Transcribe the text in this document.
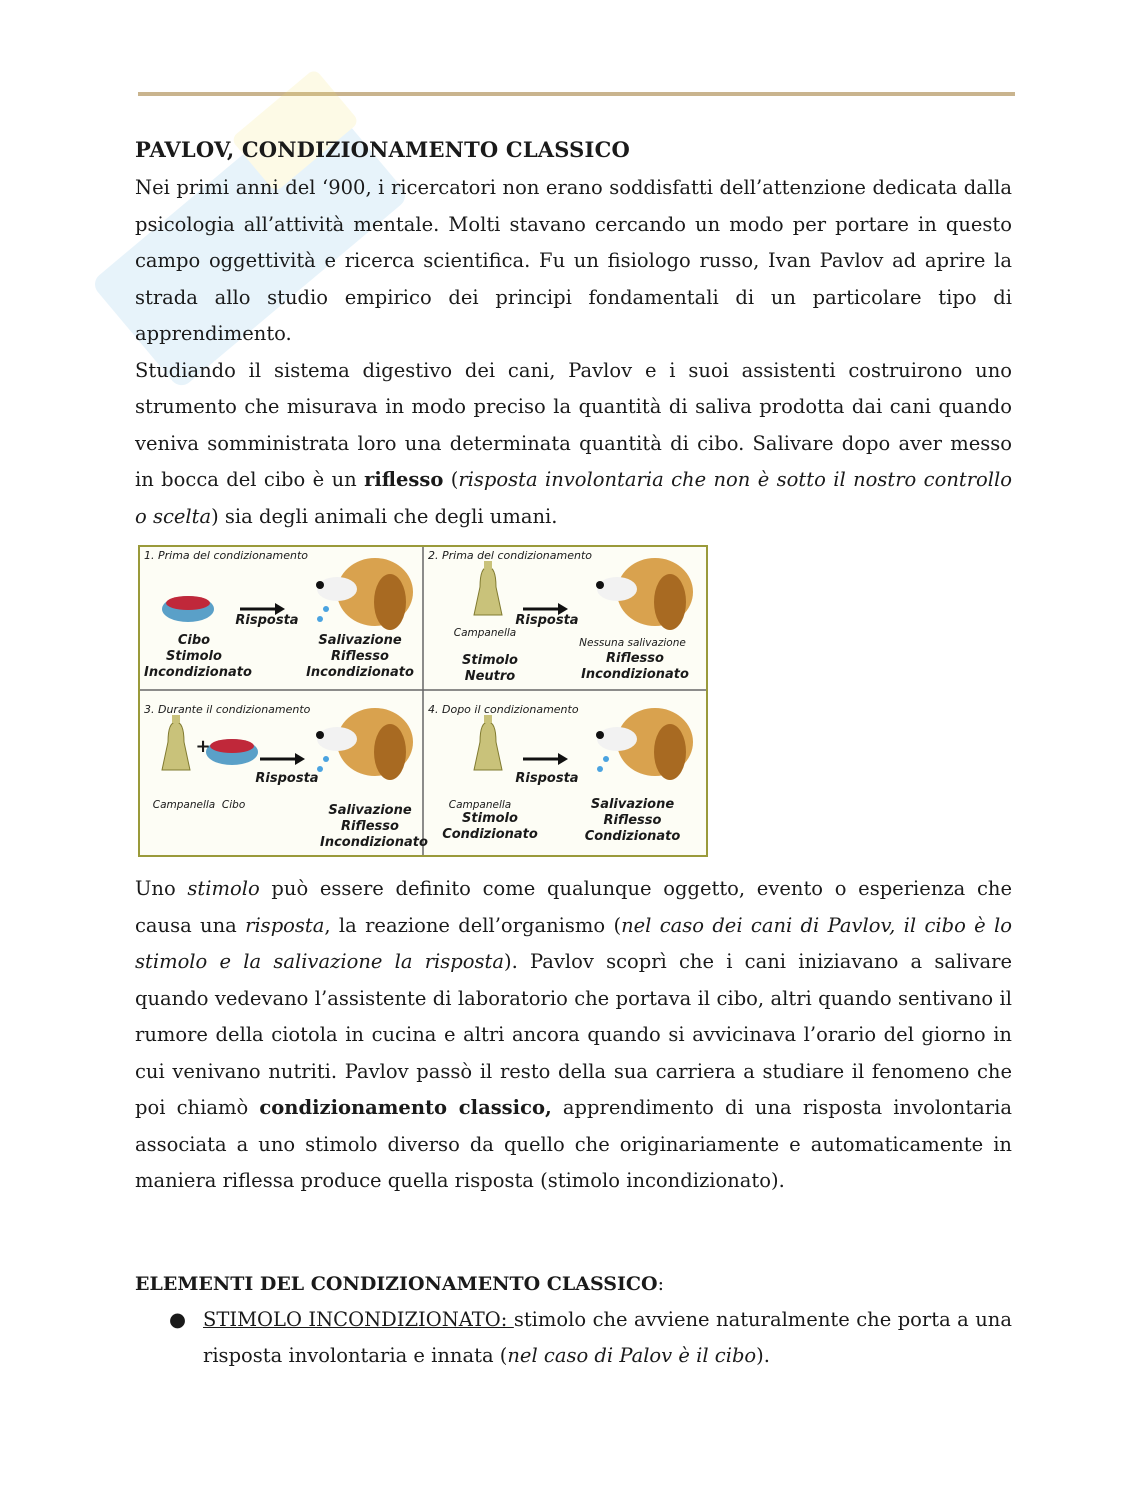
PAVLOV, CONDIZIONAMENTO CLASSICO

Nei primi anni del ‘900, i ricercatori non erano soddisfatti dell’attenzione dedicata dalla psicologia all’attività mentale. Molti stavano cercando un modo per portare in questo campo oggettività e ricerca scientifica. Fu un fisiologo russo, Ivan Pavlov ad aprire la strada allo studio empirico dei principi fondamentali di un particolare tipo di apprendimento.

Studiando il sistema digestivo dei cani, Pavlov e i suoi assistenti costruirono uno strumento che misurava in modo preciso la quantità di saliva prodotta dai cani quando veniva somministrata loro una determinata quantità di cibo. Salivare dopo aver messo in bocca del cibo è un riflesso (risposta involontaria che non è sotto il nostro controllo o scelta) sia degli animali che degli umani.

1. Prima del condizionamento
Cibo
Stimolo
Incondizionato
Risposta
Salivazione
Riflesso
Incondizionato
2. Prima del condizionamento
Campanella
Stimolo
Neutro
Risposta
Nessuna salivazione
Riflesso
Incondizionato
3. Durante il condizionamento
+
Campanella  Cibo
Risposta
Salivazione
Riflesso
Incondizionato
4. Dopo il condizionamento
Campanella
Stimolo
Condizionato
Risposta
Salivazione
Riflesso
Condizionato

Uno stimolo può essere definito come qualunque oggetto, evento o esperienza che causa una risposta, la reazione dell’organismo (nel caso dei cani di Pavlov, il cibo è lo stimolo e la salivazione la risposta). Pavlov scoprì che i cani iniziavano a salivare quando vedevano l’assistente di laboratorio che portava il cibo, altri quando sentivano il rumore della ciotola in cucina e altri ancora quando si avvicinava l’orario del giorno in cui venivano nutriti. Pavlov passò il resto della sua carriera a studiare il fenomeno che poi chiamò condizionamento classico, apprendimento di una risposta involontaria associata a uno stimolo diverso da quello che originariamente e automaticamente in maniera riflessa produce quella risposta (stimolo incondizionato).

ELEMENTI DEL CONDIZIONAMENTO CLASSICO:
● STIMOLO INCONDIZIONATO: stimolo che avviene naturalmente che porta a una risposta involontaria e innata (nel caso di Palov è il cibo).
